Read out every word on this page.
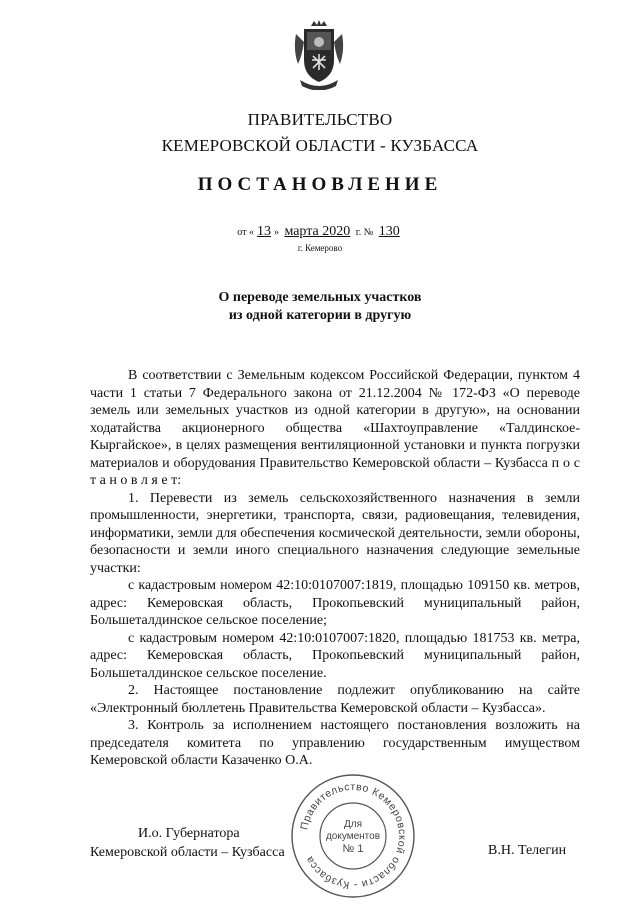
ПРАВИТЕЛЬСТВО
КЕМЕРОВСКОЙ ОБЛАСТИ - КУЗБАССА
ПОСТАНОВЛЕНИЕ
от « 13 » марта 2020 г. № 130
г. Кемерово
О переводе земельных участков
из одной категории в другую

В соответствии с Земельным кодексом Российской Федерации, пунктом 4 части 1 статьи 7 Федерального закона от 21.12.2004 № 172-ФЗ «О переводе земель или земельных участков из одной категории в другую», на основании ходатайства акционерного общества «Шахтоуправление «Талдинское-Кыргайское», в целях размещения вентиляционной установки и пункта погрузки материалов и оборудования Правительство Кемеровской области – Кузбасса п о с т а н о в л я е т:

1. Перевести из земель сельскохозяйственного назначения в земли промышленности, энергетики, транспорта, связи, радиовещания, телевидения, информатики, земли для обеспечения космической деятельности, земли обороны, безопасности и земли иного специального назначения следующие земельные участки:

с кадастровым номером 42:10:0107007:1819, площадью 109150 кв. метров, адрес: Кемеровская область, Прокопьевский муниципальный район, Большеталдинское сельское поселение;

с кадастровым номером 42:10:0107007:1820, площадью 181753 кв. метра, адрес: Кемеровская область, Прокопьевский муниципальный район, Большеталдинское сельское поселение.

2. Настоящее постановление подлежит опубликованию на сайте «Электронный бюллетень Правительства Кемеровской области – Кузбасса».

3. Контроль за исполнением настоящего постановления возложить на председателя комитета по управлению государственным имуществом Кемеровской области Казаченко О.А.

И.о. Губернатора
Кемеровской области – Кузбасса	В.Н. Телегин
Правительство Кемеровской области - Кузбасса
Для
документов
№ 1
